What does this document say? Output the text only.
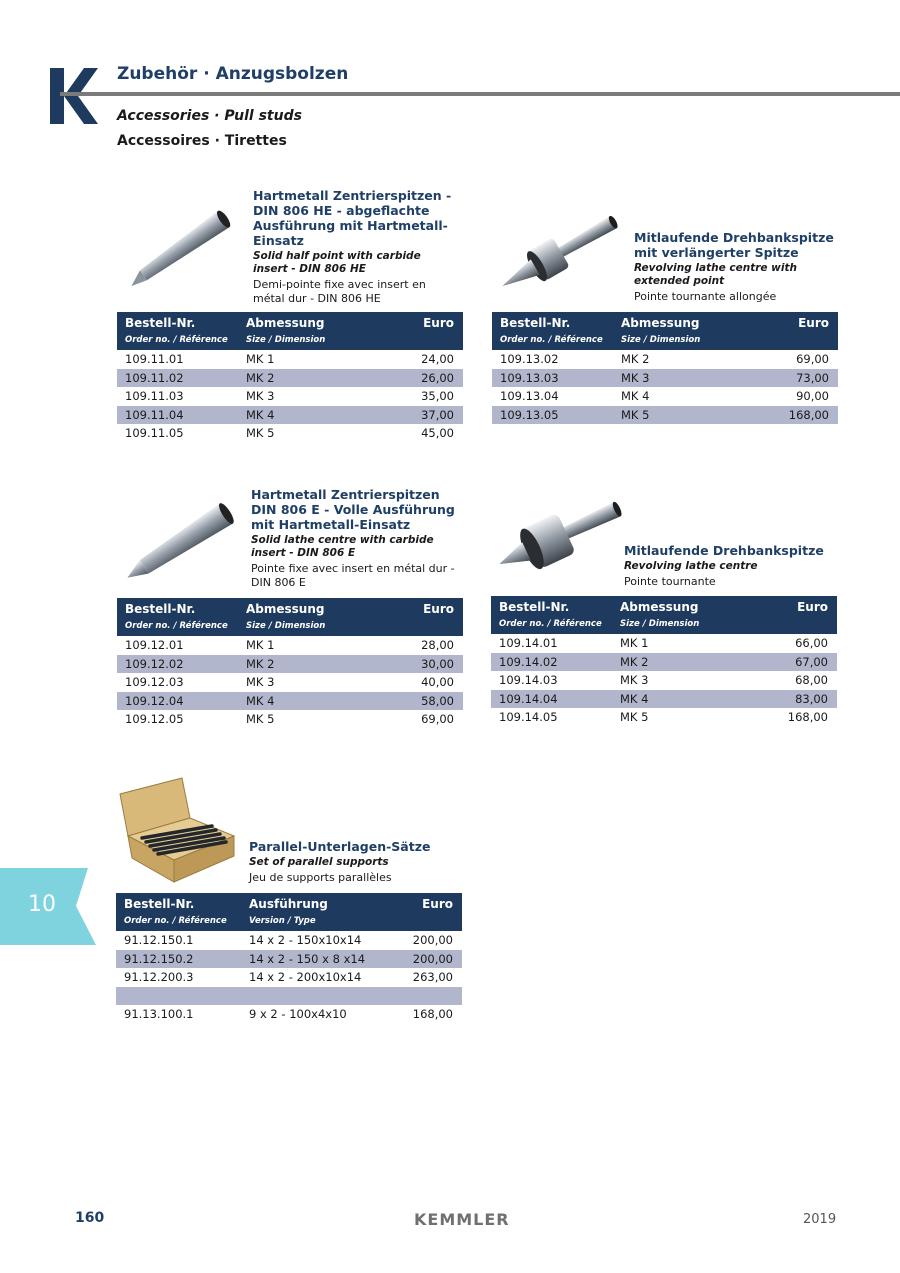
Zubehör · Anzugsbolzen
Accessories · Pull studs
Accessoires · Tirettes
Hartmetall Zentrierspitzen - DIN 806 HE - abgeflachte Ausführung mit Hartmetall-Einsatz
Solid half point with carbide insert - DIN 806 HE
Demi-pointe fixe avec insert en métal dur - DIN 806 HE
Bestell-Nr.
Order no. / Référence
Abmessung
Size / Dimension
Euro
109.11.01	MK 1	24,00
109.11.02	MK 2	26,00
109.11.03	MK 3	35,00
109.11.04	MK 4	37,00
109.11.05	MK 5	45,00
Mitlaufende Drehbankspitze mit verlängerter Spitze
Revolving lathe centre with extended point
Pointe tournante allongée
Bestell-Nr.
Order no. / Référence
Abmessung
Size / Dimension
Euro
109.13.02	MK 2	69,00
109.13.03	MK 3	73,00
109.13.04	MK 4	90,00
109.13.05	MK 5	168,00
Hartmetall Zentrierspitzen DIN 806 E - Volle Ausführung mit Hartmetall-Einsatz
Solid lathe centre with carbide insert - DIN 806 E
Pointe fixe avec insert en métal dur - DIN 806 E
Bestell-Nr.
Order no. / Référence
Abmessung
Size / Dimension
Euro
109.12.01	MK 1	28,00
109.12.02	MK 2	30,00
109.12.03	MK 3	40,00
109.12.04	MK 4	58,00
109.12.05	MK 5	69,00
Mitlaufende Drehbankspitze
Revolving lathe centre
Pointe tournante
Bestell-Nr.
Order no. / Référence
Abmessung
Size / Dimension
Euro
109.14.01	MK 1	66,00
109.14.02	MK 2	67,00
109.14.03	MK 3	68,00
109.14.04	MK 4	83,00
109.14.05	MK 5	168,00
Parallel-Unterlagen-Sätze
Set of parallel supports
Jeu de supports parallèles
Bestell-Nr.
Order no. / Référence
Ausführung
Version / Type
Euro
91.12.150.1	14 x 2 - 150x10x14	200,00
91.12.150.2	14 x 2 - 150 x 8 x14	200,00
91.12.200.3	14 x 2 - 200x10x14	263,00
91.13.100.1	9 x 2 - 100x4x10	168,00
10
160	KEMMLER	2019
